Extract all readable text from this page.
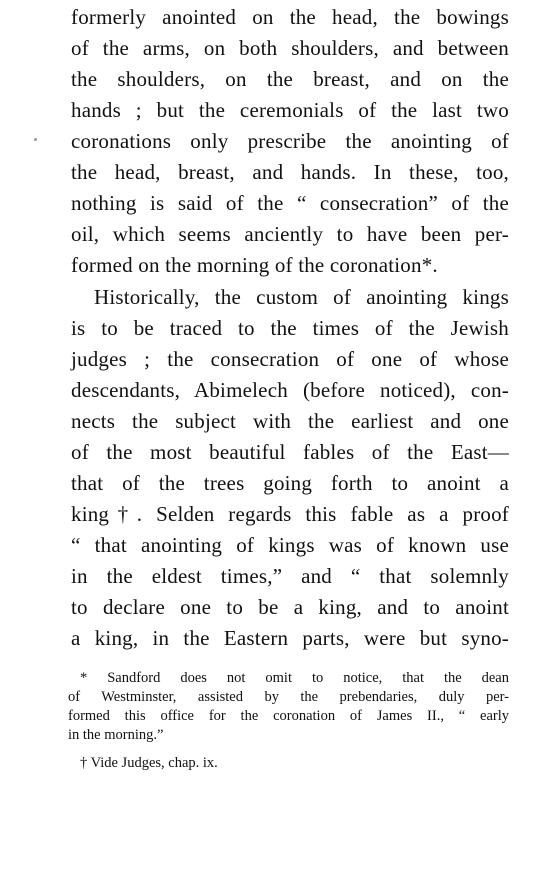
formerly anointed on the head, the bowings
of the arms, on both shoulders, and between
the shoulders, on the breast, and on the
hands ; but the ceremonials of the last two
coronations only prescribe the anointing of
the head, breast, and hands. In these, too,
nothing is said of the “ consecration” of the
oil, which seems anciently to have been per-
formed on the morning of the coronation*.
Historically, the custom of anointing kings
is to be traced to the times of the Jewish
judges ; the consecration of one of whose
descendants, Abimelech (before noticed), con-
nects the subject with the earliest and one
of the most beautiful fables of the East—
that of the trees going forth to anoint a
king†. Selden regards this fable as a proof
“ that anointing of kings was of known use
in the eldest times,” and “ that solemnly
to declare one to be a king, and to anoint
a king, in the Eastern parts, were but syno-
* Sandford does not omit to notice, that the dean
of Westminster, assisted by the prebendaries, duly per-
formed this office for the coronation of James II., “ early
in the morning.”
† Vide Judges, chap. ix.
